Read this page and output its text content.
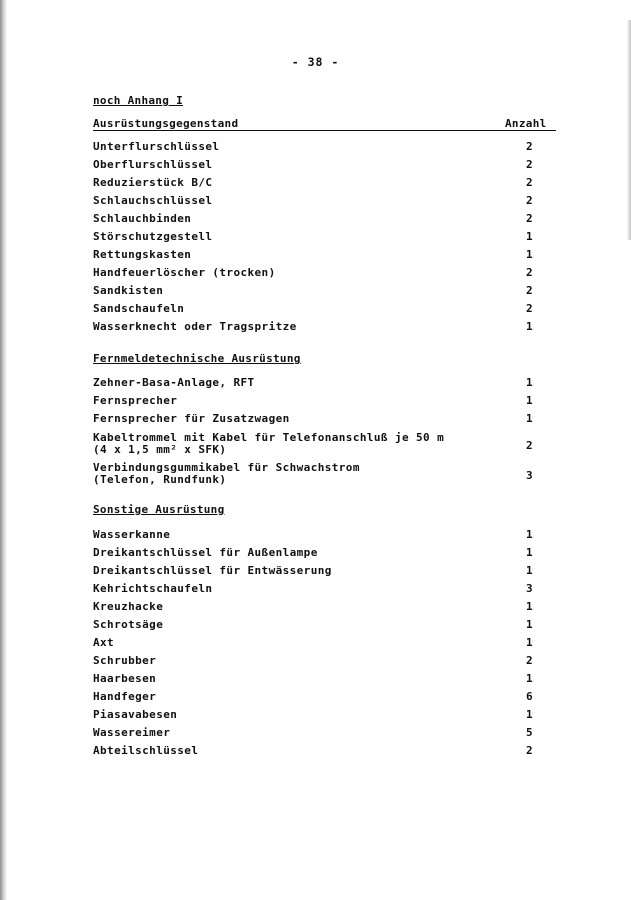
- 38 -
noch Anhang I
Ausrüstungsgegenstand	Anzahl
Unterflurschlüssel	2
Oberflurschlüssel	2
Reduzierstück B/C	2
Schlauchschlüssel	2
Schlauchbinden	2
Störschutzgestell	1
Rettungskasten	1
Handfeuerlöscher (trocken)	2
Sandkisten	2
Sandschaufeln	2
Wasserknecht oder Tragspritze	1
Fernmeldetechnische Ausrüstung
Zehner-Basa-Anlage, RFT	1
Fernsprecher	1
Fernsprecher für Zusatzwagen	1
Kabeltrommel mit Kabel für Telefonanschluß je 50 m
(4 x 1,5 mm² x SFK)	2
Verbindungsgummikabel für Schwachstrom
(Telefon, Rundfunk)	3
Sonstige Ausrüstung
Wasserkanne	1
Dreikantschlüssel für Außenlampe	1
Dreikantschlüssel für Entwässerung	1
Kehrichtschaufeln	3
Kreuzhacke	1
Schrotsäge	1
Axt	1
Schrubber	2
Haarbesen	1
Handfeger	6
Piasavabesen	1
Wassereimer	5
Abteilschlüssel	2
